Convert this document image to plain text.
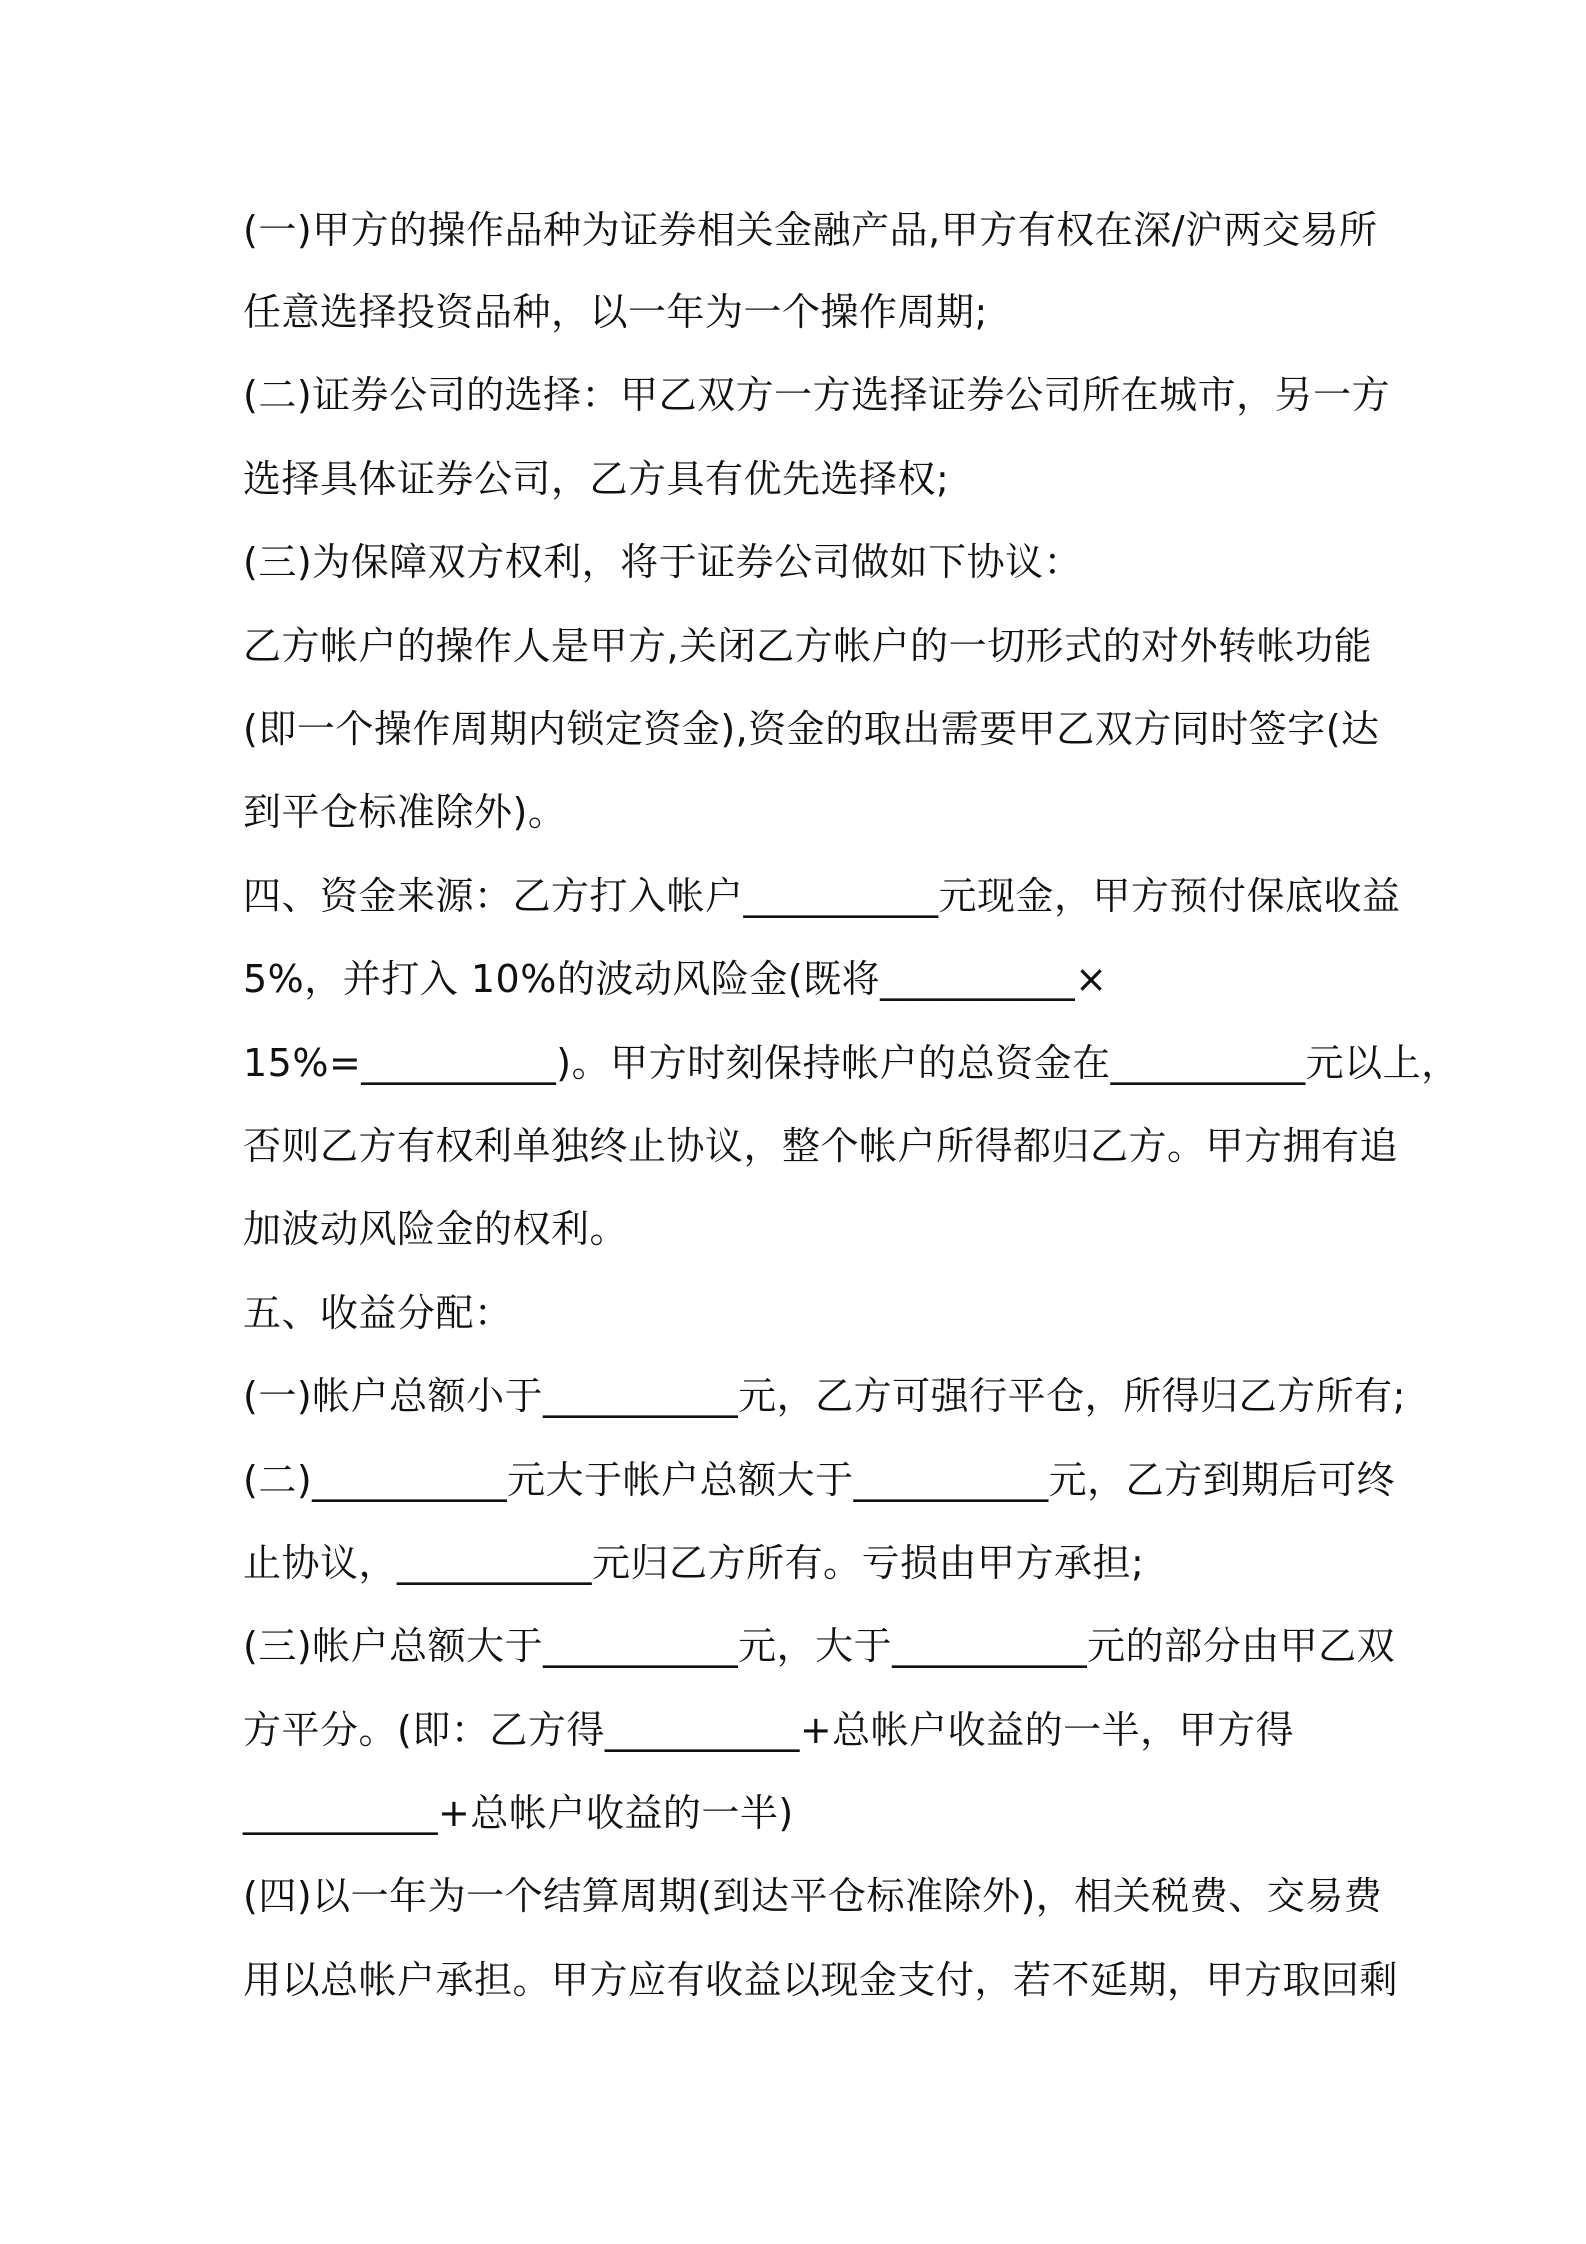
(一)甲方的操作品种为证券相关金融产品,甲方有权在深/沪两交易所

任意选择投资品种，以一年为一个操作周期;

(二)证券公司的选择：甲乙双方一方选择证券公司所在城市，另一方

选择具体证券公司，乙方具有优先选择权;

(三)为保障双方权利，将于证券公司做如下协议：

乙方帐户的操作人是甲方,关闭乙方帐户的一切形式的对外转帐功能

(即一个操作周期内锁定资金),资金的取出需要甲乙双方同时签字(达

到平仓标准除外)。

四、资金来源：乙方打入帐户__________元现金，甲方预付保底收益

5%，并打入 10%的波动风险金(既将__________×

15%=__________)。甲方时刻保持帐户的总资金在__________元以上，

否则乙方有权利单独终止协议，整个帐户所得都归乙方。甲方拥有追

加波动风险金的权利。

五、收益分配：

(一)帐户总额小于__________元，乙方可强行平仓，所得归乙方所有;

(二)__________元大于帐户总额大于__________元，乙方到期后可终

止协议，__________元归乙方所有。亏损由甲方承担;

(三)帐户总额大于__________元，大于__________元的部分由甲乙双

方平分。(即：乙方得__________+总帐户收益的一半，甲方得

__________+总帐户收益的一半)

(四)以一年为一个结算周期(到达平仓标准除外)，相关税费、交易费

用以总帐户承担。甲方应有收益以现金支付，若不延期，甲方取回剩
